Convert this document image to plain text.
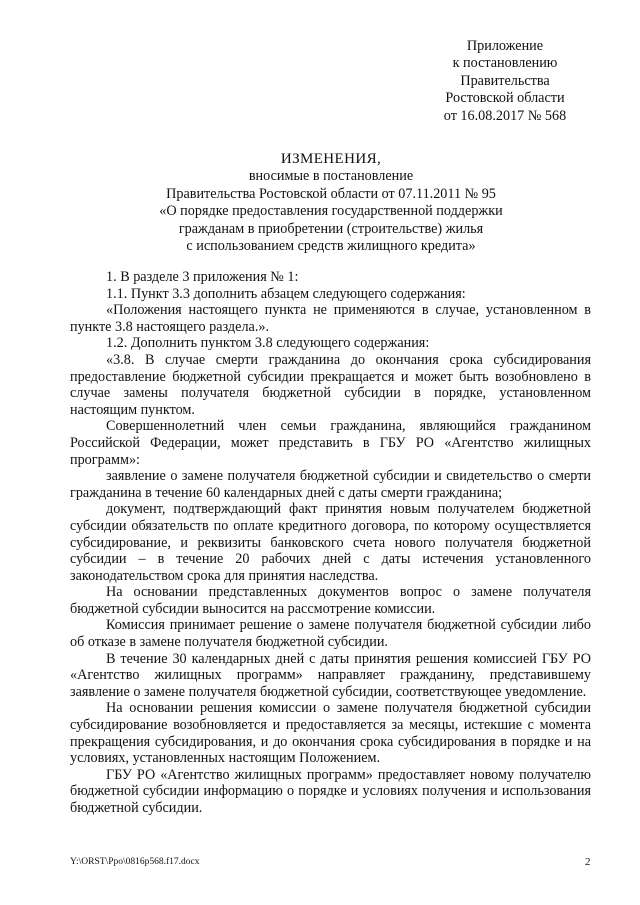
Приложение
к постановлению
Правительства
Ростовской области
от 16.08.2017 № 568
ИЗМЕНЕНИЯ,
вносимые в постановление
Правительства Ростовской области от 07.11.2011 № 95
«О порядке предоставления государственной поддержки
гражданам в приобретении (строительстве) жилья
с использованием средств жилищного кредита»

1. В разделе 3 приложения № 1:

1.1. Пункт 3.3 дополнить абзацем следующего содержания:

«Положения настоящего пункта не применяются в случае, установленном в пункте 3.8 настоящего раздела.».

1.2. Дополнить пунктом 3.8 следующего содержания:

«3.8. В случае смерти гражданина до окончания срока субсидирования предоставление бюджетной субсидии прекращается и может быть возобновлено в случае замены получателя бюджетной субсидии в порядке, установленном настоящим пунктом.

Совершеннолетний член семьи гражданина, являющийся гражданином Российской Федерации, может представить в ГБУ РО «Агентство жилищных программ»:

заявление о замене получателя бюджетной субсидии и свидетельство о смерти гражданина в течение 60 календарных дней с даты смерти гражданина;

документ, подтверждающий факт принятия новым получателем бюджетной субсидии обязательств по оплате кредитного договора, по которому осуществляется субсидирование, и реквизиты банковского счета нового получателя бюджетной субсидии – в течение 20 рабочих дней с даты истечения установленного законодательством срока для принятия наследства.

На основании представленных документов вопрос о замене получателя бюджетной субсидии выносится на рассмотрение комиссии.

Комиссия принимает решение о замене получателя бюджетной субсидии либо об отказе в замене получателя бюджетной субсидии.

В течение 30 календарных дней с даты принятия решения комиссией ГБУ РО «Агентство жилищных программ» направляет гражданину, представившему заявление о замене получателя бюджетной субсидии, соответствующее уведомление.

На основании решения комиссии о замене получателя бюджетной субсидии субсидирование возобновляется и предоставляется за месяцы, истекшие с момента прекращения субсидирования, и до окончания срока субсидирования в порядке и на условиях, установленных настоящим Положением.

ГБУ РО «Агентство жилищных программ» предоставляет новому получателю бюджетной субсидии информацию о порядке и условиях получения и использования бюджетной субсидии.

Y:\ORST\Ppo\0816p568.f17.docx	2
